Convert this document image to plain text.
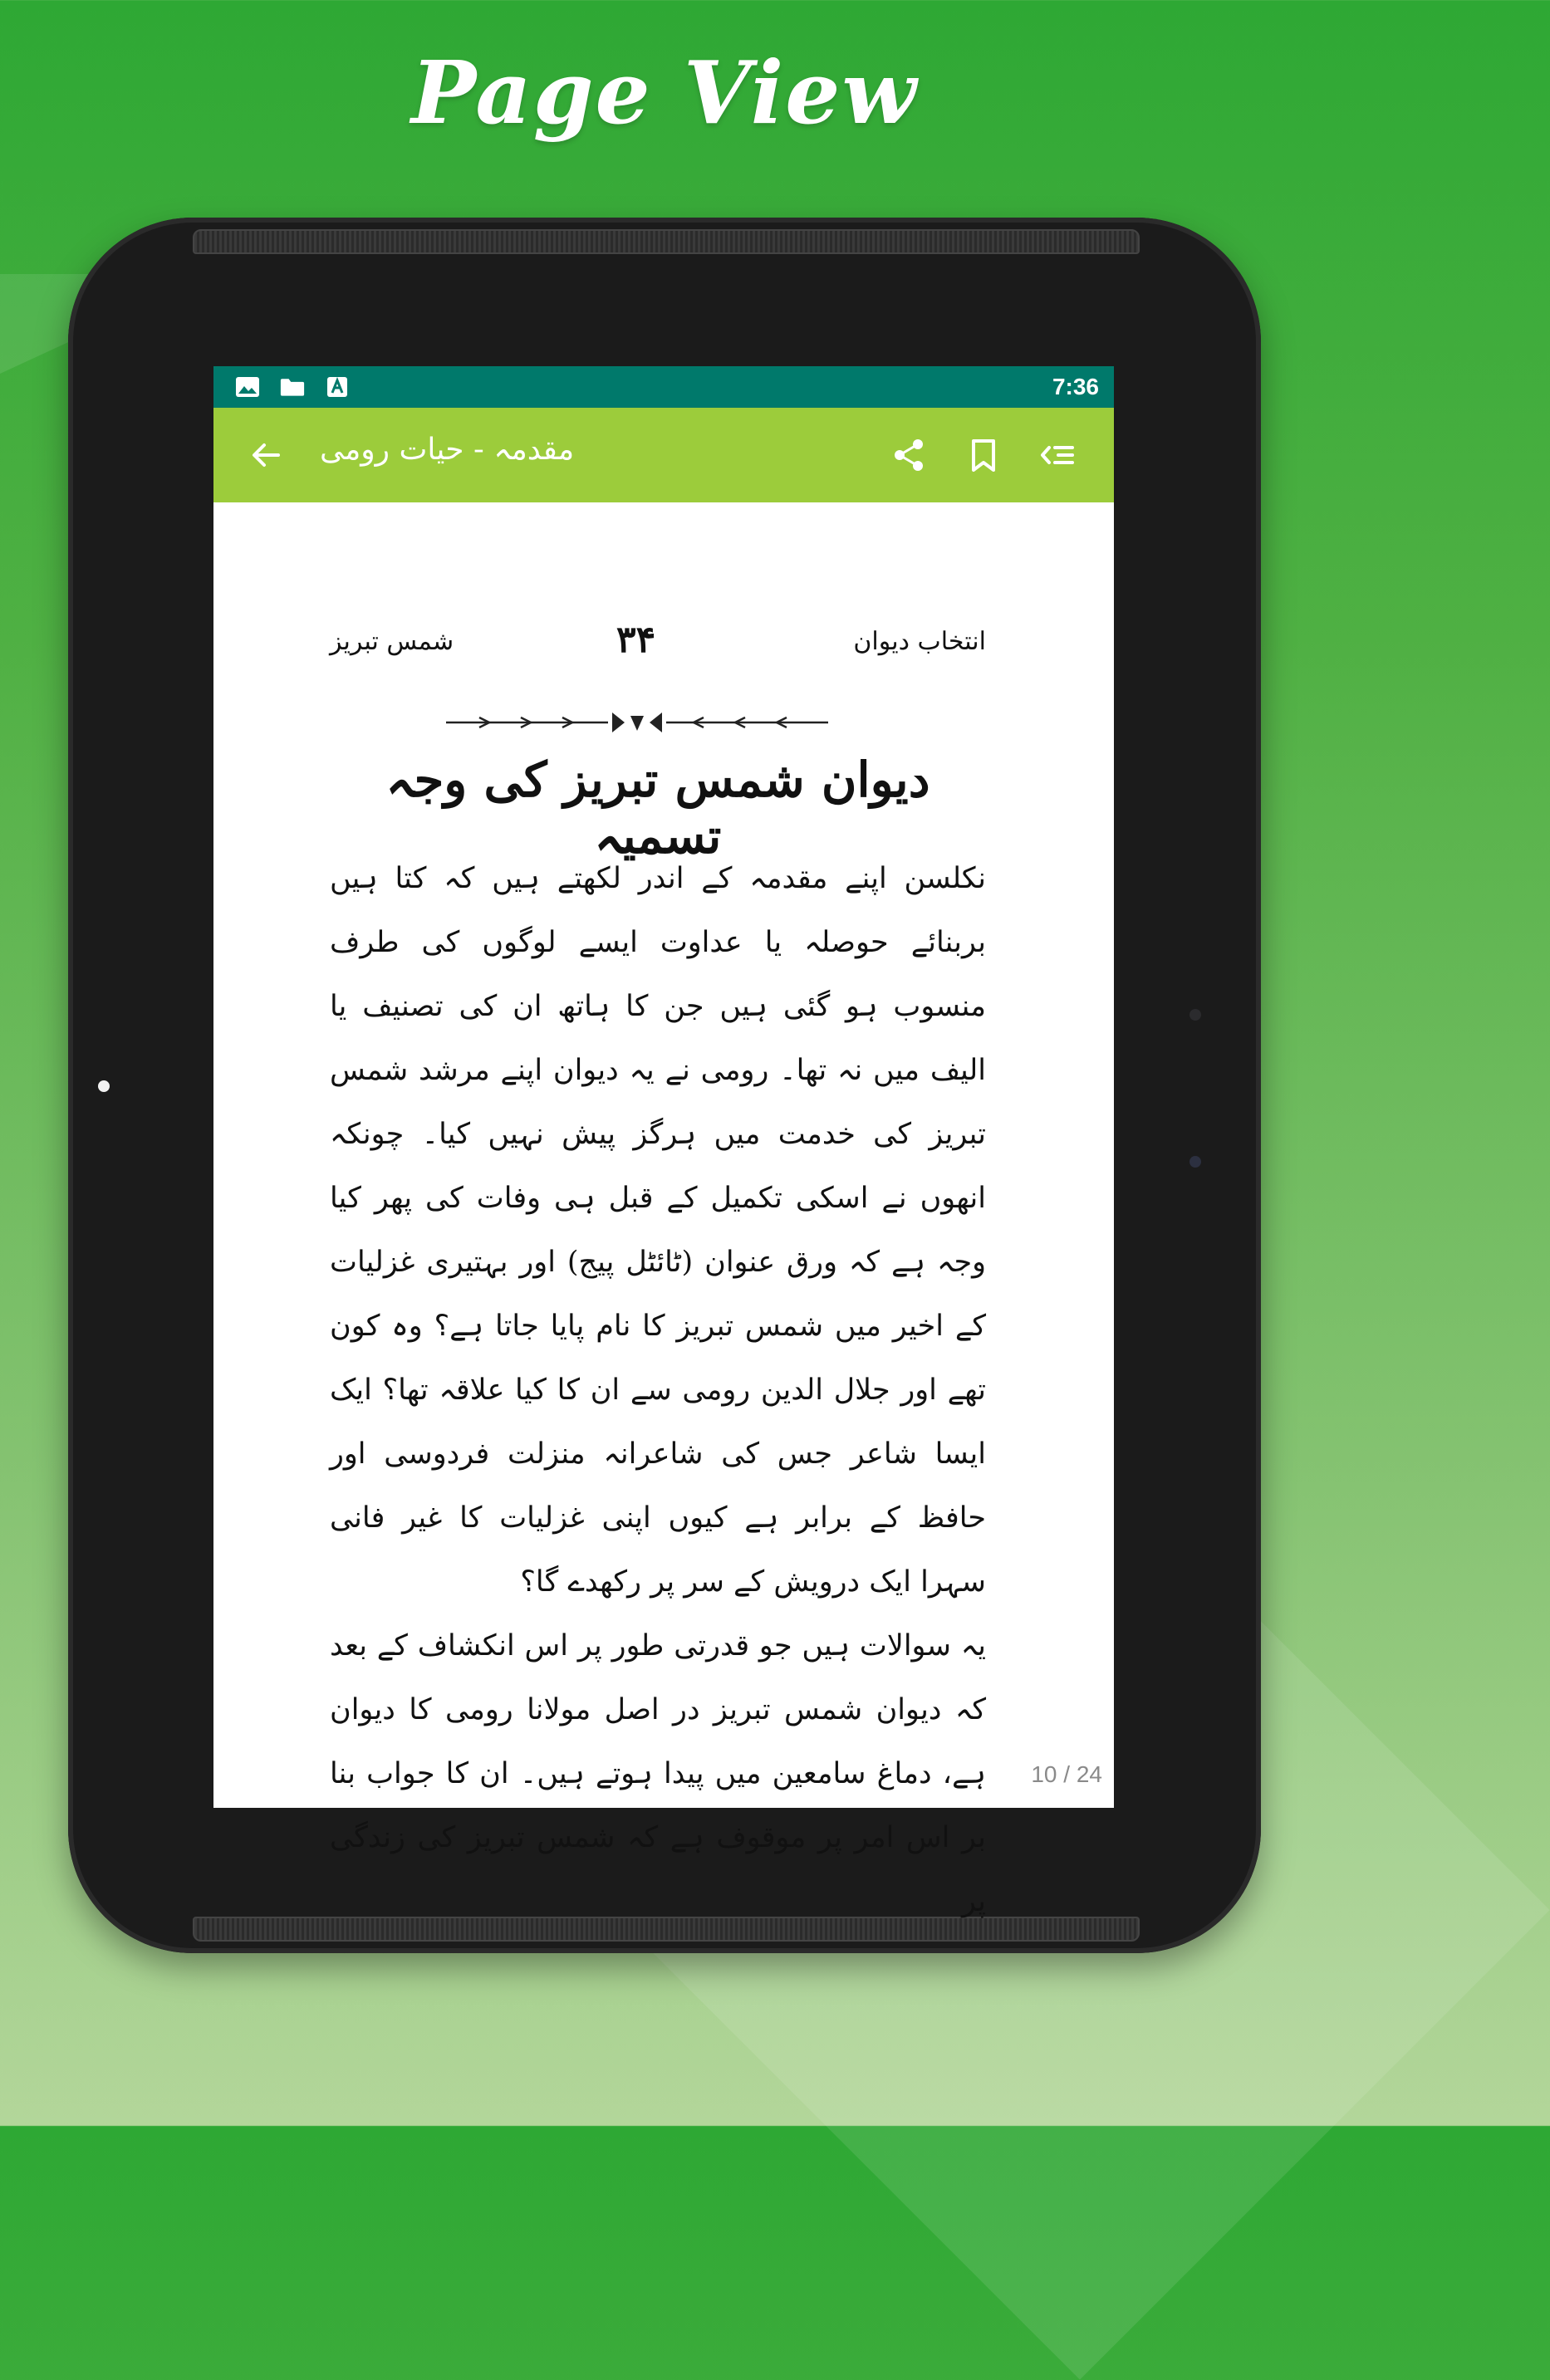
Page View
7:36
مقدمہ - حیات رومی
انتخاب دیوان
۳۴
شمس تبریز
دیوان شمس تبریز کی وجہ تسمیہ

نکلسن اپنے مقدمہ کے اندر لکھتے ہیں کہ کتا ہیں بربنائے حوصلہ یا عداوت ایسے لوگوں کی طرف منسوب ہو گئی ہیں جن کا ہاتھ ان کی تصنیف یا الیف میں نہ تھا۔ رومی نے یہ دیوان اپنے مرشد شمس تبریز کی خدمت میں ہرگز پیش نہیں کیا۔ چونکہ انھوں نے اسکی تکمیل کے قبل ہی وفات کی پھر کیا وجہ ہے کہ ورق عنوان (ٹائٹل پیج) اور بہتیری غزلیات کے اخیر میں شمس تبریز کا نام پایا جاتا ہے؟ وہ کون تھے اور جلال الدین رومی سے ان کا کیا علاقہ تھا؟ ایک ایسا شاعر جس کی شاعرانہ منزلت فردوسی اور حافظ کے برابر ہے کیوں اپنی غزلیات کا غیر فانی سہرا ایک درویش کے سر پر رکھدے گا؟

یہ سوالات ہیں جو قدرتی طور پر اس انکشاف کے بعد کہ دیوان شمس تبریز در اصل مولانا رومی کا دیوان ہے، دماغ سامعین میں پیدا ہوتے ہیں۔ ان کا جواب بنا بر اس امر پر موقوف ہے کہ شمس تبریز کی زندگی پر

10 / 24
